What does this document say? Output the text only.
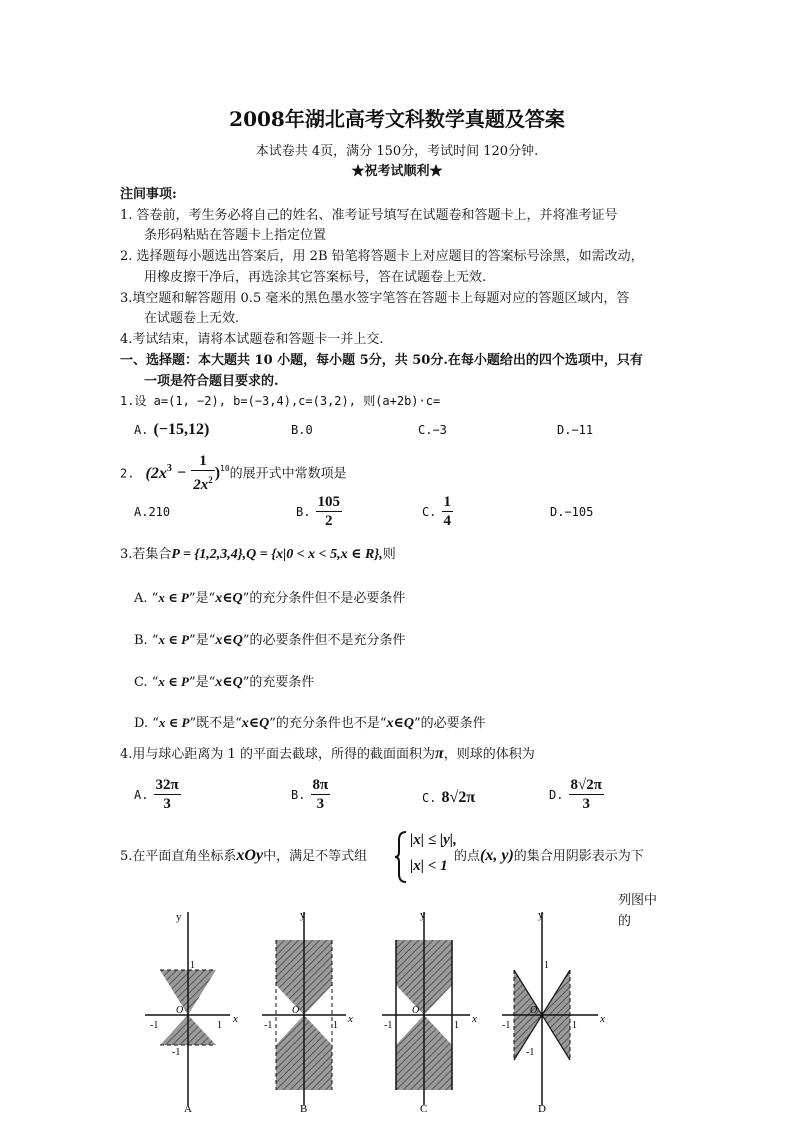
2008年湖北高考文科数学真题及答案
本试卷共 4页，满分 150分，考试时间 120分钟.
★祝考试顺利★
注间事项:
1. 答卷前，考生务必将自己的姓名、准考证号填写在试题卷和答题卡上，并将准考证号
条形码粘贴在答题卡上指定位置
2. 选择题每小题选出答案后，用 2B 铅笔将答题卡上对应题目的答案标号涂黑，如需改动，
用橡皮擦干净后，再选涂其它答案标号，答在试题卷上无效.
3.填空题和解答题用 0.5 毫米的黑色墨水签字笔答在答题卡上每题对应的答题区域内，答
在试题卷上无效.
4.考试结束，请将本试题卷和答题卡一并上交.
一、选择题：本大题共 10 小题，每小题 5分，共 50分.在每小题给出的四个选项中，只有
一项是符合题目要求的.
1.设 a=(1, −2), b=(−3,4),c=(3,2), 则(a+2b)·c=
A. (−15,12)	B.0	C.−3	D.−11
2. $(2x^3 - \frac{1}{2x^2} )^{10}$的展开式中常数项是
A.210	B. $\frac{105}{2}$	C. $\frac{1}{4}$	D.−105
3.若集合P = {1,2,3,4},Q = {x|0 < x < 5,x ∈ R},则
A. “x ∈ P”是“x∈Q”的充分条件但不是必要条件
B. “x ∈ P”是“x∈Q”的必要条件但不是充分条件
C. “x ∈ P”是“x∈Q”的充要条件
D. “x ∈ P”既不是“x∈Q”的充分条件也不是“x∈Q”的必要条件
4.用与球心距离为 1 的平面去截球，所得的截面面积为π，则球的体积为
A. $\frac{32\pi}{3}$	B. $\frac{8\pi}{3}$	C. 8√2π	D. $\frac{8√2\pi}{3}$
5.在平面直角坐标系xOy中，满足不等式组
|x| ≤ |y|,
|x| < 1
的点(x, y)的集合用阴影表示为下
列图中
的
y
x
O
1
-1
-1	1
A
y
x
O
-1	1
B
y
x
O
-1	1
C
y
x
O
1
-1
-1	1
D
